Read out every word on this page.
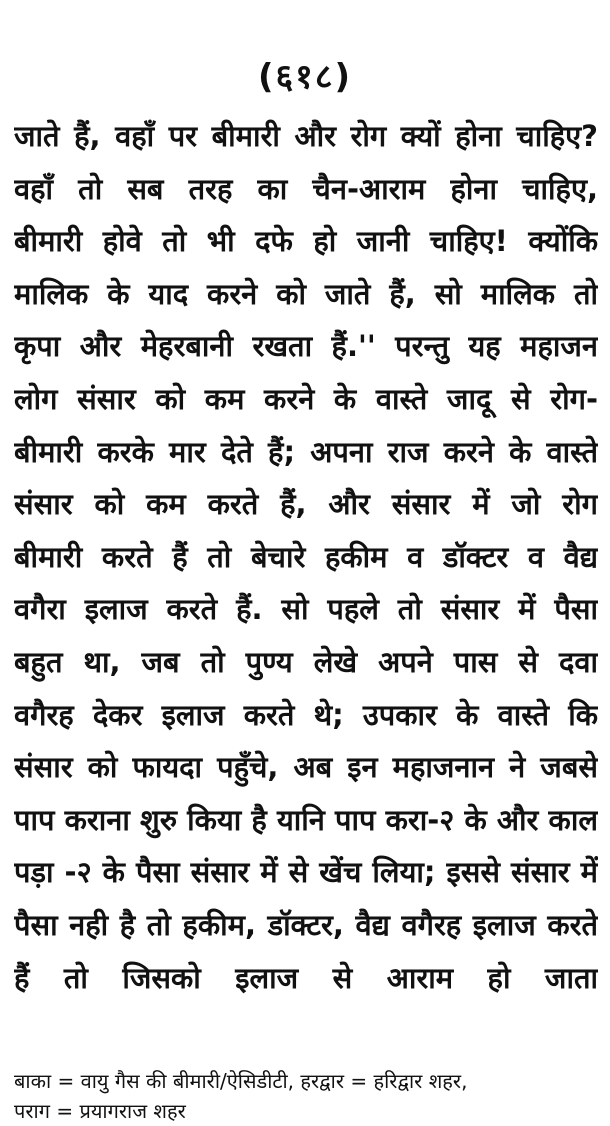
(६१८)
जाते हैं, वहाँ पर बीमारी और रोग क्यों होना चाहिए?
वहाँ तो सब तरह का चैन-आराम होना चाहिए,
बीमारी होवे तो भी दफे हो जानी चाहिए! क्योंकि
मालिक के याद करने को जाते हैं, सो मालिक तो
कृपा और मेहरबानी रखता हैं.'' परन्तु यह महाजन
लोग संसार को कम करने के वास्ते जादू से रोग-
बीमारी करके मार देते हैं; अपना राज करने के वास्ते
संसार को कम करते हैं, और संसार में जो रोग
बीमारी करते हैं तो बेचारे हकीम व डॉक्टर व वैद्य
वगैरा इलाज करते हैं. सो पहले तो संसार में पैसा
बहुत था, जब तो पुण्य लेखे अपने पास से दवा
वगैरह देकर इलाज करते थे; उपकार के वास्ते कि
संसार को फायदा पहुँचे, अब इन महाजनान ने जबसे
पाप कराना शुरु किया है यानि पाप करा-२ के और काल
पड़ा -२ के पैसा संसार में से खेंच लिया; इससे संसार में
पैसा नही है तो हकीम, डॉक्टर, वैद्य वगैरह इलाज करते
हैं तो जिसको इलाज से आराम हो जाता
बाका = वायु गैस की बीमारी/ऐसिडीटी, हरद्वार = हरिद्वार शहर,
पराग = प्रयागराज शहर
